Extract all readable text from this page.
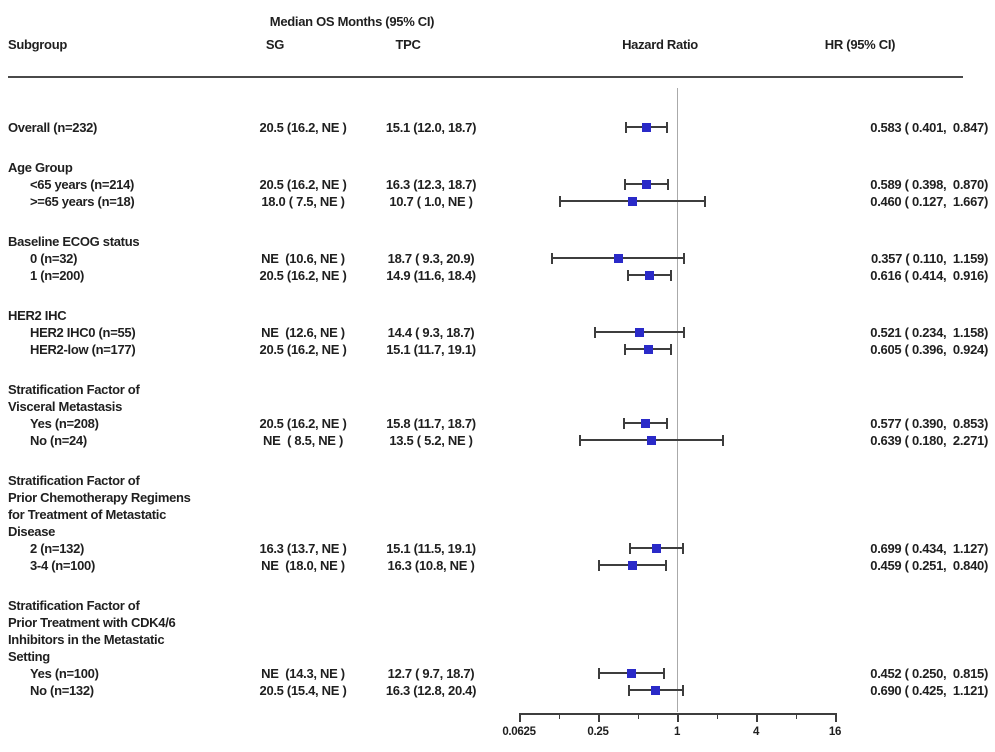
Median OS Months (95% CI)
Subgroup	SG	TPC	Hazard Ratio	HR (95% CI)
Overall (n=232)	20.5 (16.2, NE )	15.1 (12.0, 18.7)	0.583 ( 0.401,  0.847)
Age Group
<65 years (n=214)	20.5 (16.2, NE )	16.3 (12.3, 18.7)	0.589 ( 0.398,  0.870)
>=65 years (n=18)	18.0 ( 7.5, NE )	10.7 ( 1.0, NE )	0.460 ( 0.127,  1.667)
Baseline ECOG status
0 (n=32)	NE  (10.6, NE )	18.7 ( 9.3, 20.9)	0.357 ( 0.110,  1.159)
1 (n=200)	20.5 (16.2, NE )	14.9 (11.6, 18.4)	0.616 ( 0.414,  0.916)
HER2 IHC
HER2 IHC0 (n=55)	NE  (12.6, NE )	14.4 ( 9.3, 18.7)	0.521 ( 0.234,  1.158)
HER2-low (n=177)	20.5 (16.2, NE )	15.1 (11.7, 19.1)	0.605 ( 0.396,  0.924)
Stratification Factor of
Visceral Metastasis
Yes (n=208)	20.5 (16.2, NE )	15.8 (11.7, 18.7)	0.577 ( 0.390,  0.853)
No (n=24)	NE  ( 8.5, NE )	13.5 ( 5.2, NE )	0.639 ( 0.180,  2.271)
Stratification Factor of
Prior Chemotherapy Regimens
for Treatment of Metastatic
Disease
2 (n=132)	16.3 (13.7, NE )	15.1 (11.5, 19.1)	0.699 ( 0.434,  1.127)
3-4 (n=100)	NE  (18.0, NE )	16.3 (10.8, NE )	0.459 ( 0.251,  0.840)
Stratification Factor of
Prior Treatment with CDK4/6
Inhibitors in the Metastatic
Setting
Yes (n=100)	NE  (14.3, NE )	12.7 ( 9.7, 18.7)	0.452 ( 0.250,  0.815)
No (n=132)	20.5 (15.4, NE )	16.3 (12.8, 20.4)	0.690 ( 0.425,  1.121)
0.0625	0.25	1	4	16
